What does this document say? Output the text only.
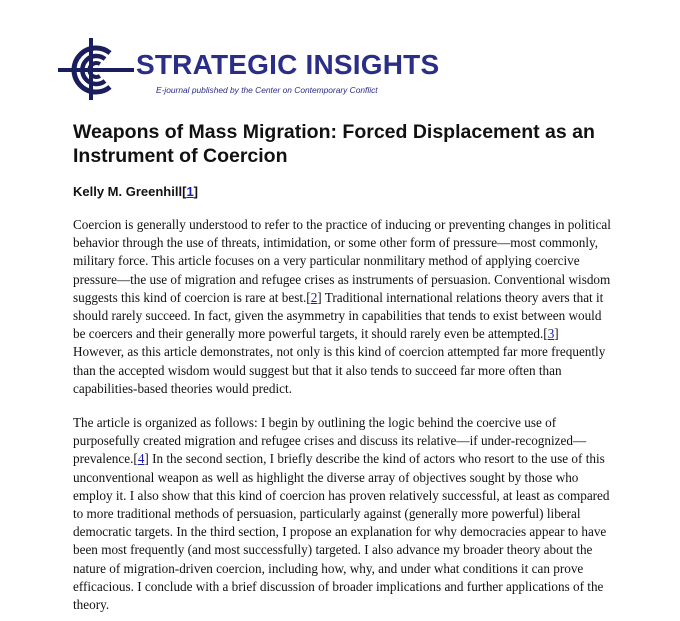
STRATEGIC INSIGHTS
E-journal published by the Center on Contemporary Conflict
Weapons of Mass Migration: Forced Displacement as an Instrument of Coercion
Kelly M. Greenhill[1]

Coercion is generally understood to refer to the practice of inducing or preventing changes in political behavior through the use of threats, intimidation, or some other form of pressure—most commonly, military force. This article focuses on a very particular nonmilitary method of applying coercive pressure—the use of migration and refugee crises as instruments of persuasion. Conventional wisdom suggests this kind of coercion is rare at best.[2] Traditional international relations theory avers that it should rarely succeed. In fact, given the asymmetry in capabilities that tends to exist between would be coercers and their generally more powerful targets, it should rarely even be attempted.[3] However, as this article demonstrates, not only is this kind of coercion attempted far more frequently than the accepted wisdom would suggest but that it also tends to succeed far more often than capabilities-based theories would predict.

The article is organized as follows: I begin by outlining the logic behind the coercive use of purposefully created migration and refugee crises and discuss its relative—if under-recognized—prevalence.[4] In the second section, I briefly describe the kind of actors who resort to the use of this unconventional weapon as well as highlight the diverse array of objectives sought by those who employ it. I also show that this kind of coercion has proven relatively successful, at least as compared to more traditional methods of persuasion, particularly against (generally more powerful) liberal democratic targets. In the third section, I propose an explanation for why democracies appear to have been most frequently (and most successfully) targeted. I also advance my broader theory about the nature of migration-driven coercion, including how, why, and under what conditions it can prove efficacious. I conclude with a brief discussion of broader implications and further applications of the theory.
